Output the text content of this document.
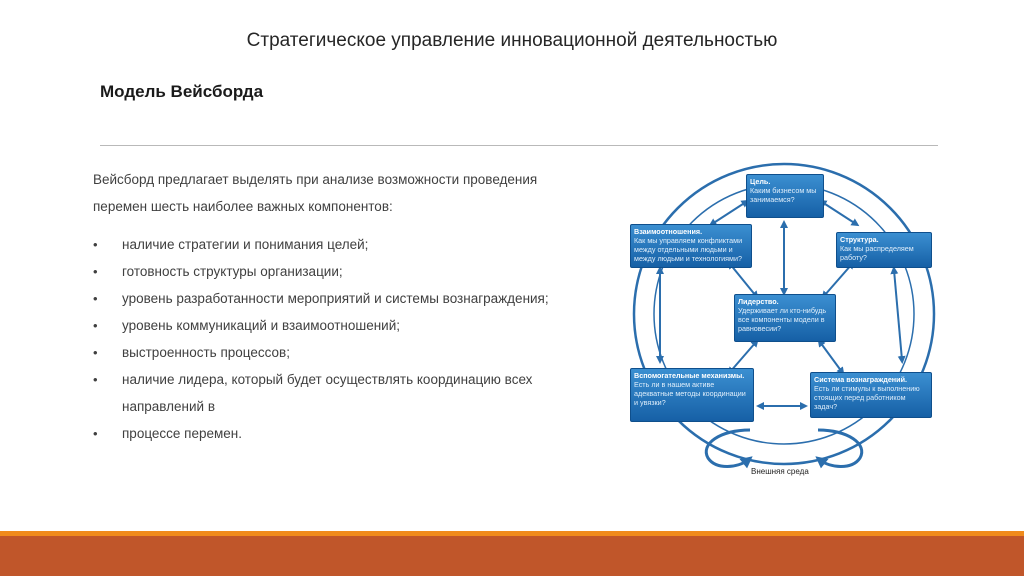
Стратегическое управление инновационной деятельностью
Модель Вейсборда

Вейсборд предлагает выделять при анализе возможности проведения
перемен шесть наиболее важных компонентов:

• наличие стратегии и понимания целей;
• готовность структуры организации;
• уровень разработанности мероприятий и системы вознаграждения;
• уровень коммуникаций и взаимоотношений;
• выстроенность процессов;
• наличие лидера, который будет осуществлять координацию всех
направлений в
• процессе перемен.
Цель.
Каким бизнесом мы занимаемся?
Взаимоотношения.
Как мы управляем конфликтами между отдельными людьми и между людьми и технологиями?
Структура.
Как мы распределяем работу?
Лидерство.
Удерживает ли кто-нибудь все компоненты модели в равновесии?
Вспомогательные механизмы.
Есть ли в нашем активе адекватные методы координации и увязки?
Система вознаграждений.
Есть ли стимулы к выполнению стоящих перед работником задач?
Внешняя среда
